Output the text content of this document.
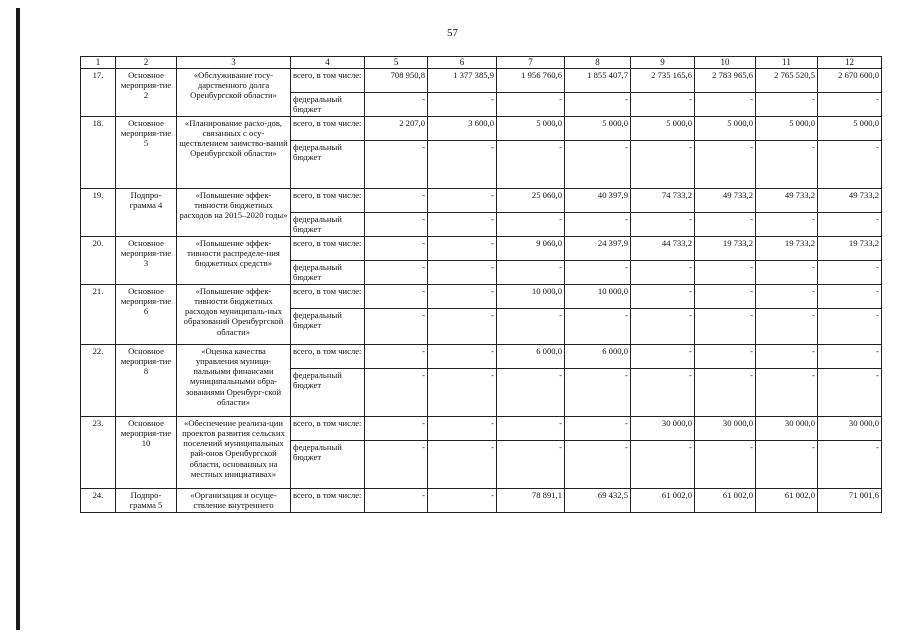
57
1	2	3	4	5	6	7	8	9	10	11	12
17.	Основное мероприя-тие 2	«Обслуживание госу-дарственного долга Оренбургской области»	всего, в том числе:	708 950,8	1 377 385,9	1 956 760,6	1 855 407,7	2 735 165,6	2 783 965,6	2 765 520,5	2 670 600,0
			федеральный бюджет	-	-	-	-	-	-	-	-
18.	Основное мероприя-тие 5	«Планирование расхо-дов, связанных с осу-ществлением заимство-ваний Оренбургской области»	всего, в том числе:	2 207,0	3 600,0	5 000,0	5 000,0	5 000,0	5 000,0	5 000,0	5 000,0
			федеральный бюджет	-	-	-	-	-	-	-	-
19.	Подпро-грамма 4	«Повышение эффек-тивности бюджетных расходов на 2015–2020 годы»	всего, в том числе:	-	-	25 060,0	40 397,9	74 733,2	49 733,2	49 733,2	49 733,2
			федеральный бюджет	-	-	-	-	-	-	-	-
20.	Основное мероприя-тие 3	«Повышение эффек-тивности распределе-ния бюджетных средств»	всего, в том числе:	-	-	9 060,0	24 397,9	44 733,2	19 733,2	19 733,2	19 733,2
			федеральный бюджет	-	-	-	-	-	-	-	-
21.	Основное мероприя-тие 6	«Повышение эффек-тивности бюджетных расходов муниципаль-ных образований Оренбургской области»	всего, в том числе:	-	-	10 000,0	10 000,0	-	-	-	-
			федеральный бюджет	-	-	-	-	-	-	-	-
22.	Основное мероприя-тие 8	«Оценка качества управления муници-пальными финансами муниципальными обра-зованиями Оренбург-ской области»	всего, в том числе:	-	-	6 000,0	6 000,0	-	-	-	-
			федеральный бюджет	-	-	-	-	-	-	-	-
23.	Основное мероприя-тие 10	«Обеспечение реализа-ции проектов развития сельских поселений муниципальных рай-онов Оренбургской области, основанных на местных инициативах»	всего, в том числе:	-	-	-	-	30 000,0	30 000,0	30 000,0	30 000,0
			федеральный бюджет	-	-	-	-	-	-	-	-
24.	Подпро-грамма 5	«Организация и осуще-ствление внутреннего	всего, в том числе:	-	-	78 891,1	69 432,5	61 002,0	61 002,0	61 002,0	71 001,6
